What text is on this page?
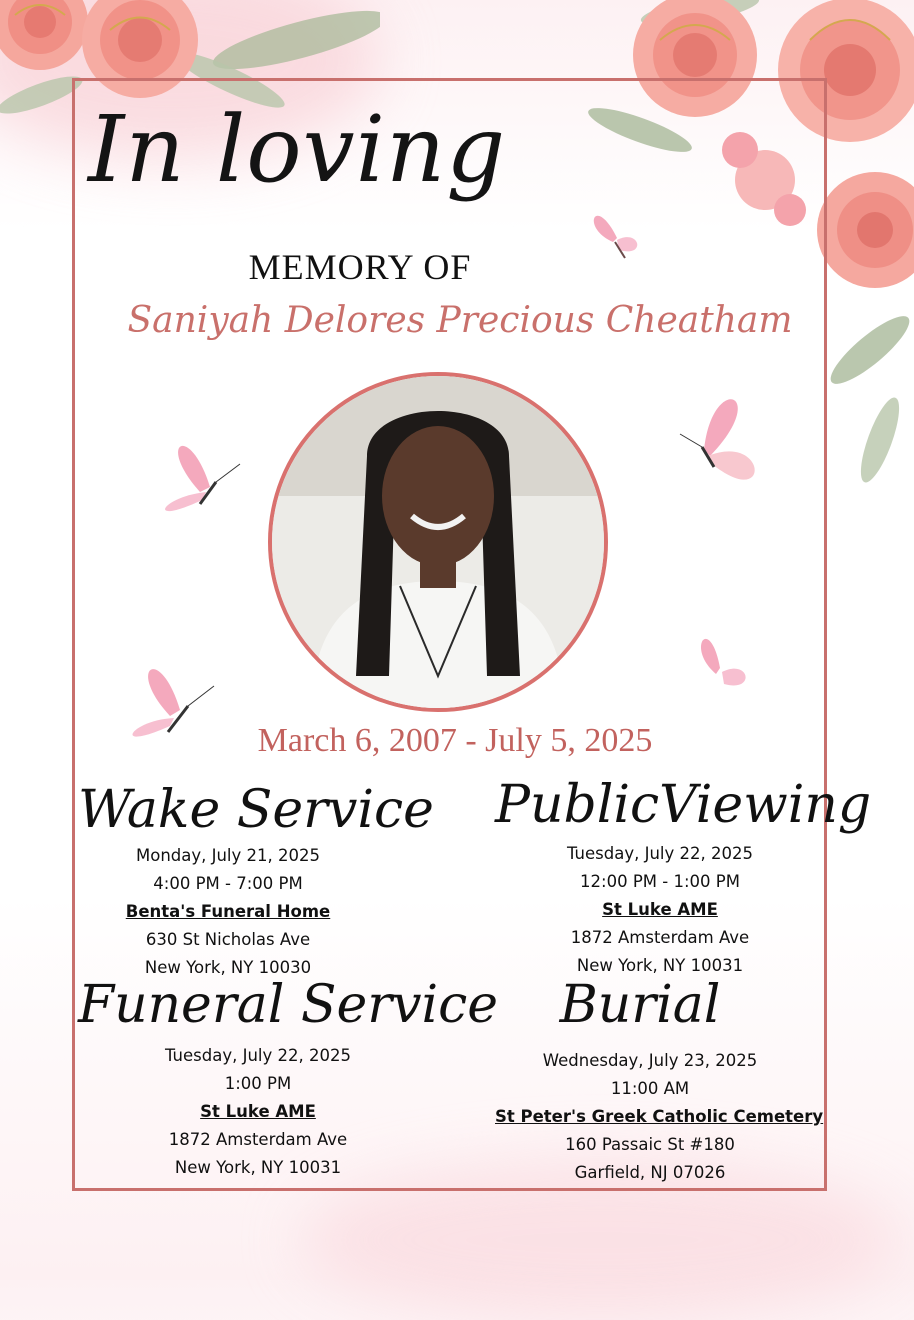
In loving
MEMORY OF
Saniyah Delores Precious Cheatham
March 6, 2007 - July 5, 2025
Wake Service
Monday, July 21, 2025
4:00 PM - 7:00 PM
Benta's Funeral Home
630 St Nicholas Ave
New York, NY 10030
PublicViewing
Tuesday, July 22, 2025
12:00 PM - 1:00 PM
St Luke AME
1872 Amsterdam Ave
New York, NY 10031
Funeral Service
Tuesday, July 22, 2025
1:00 PM
St Luke AME
1872 Amsterdam Ave
New York, NY 10031
Burial
Wednesday, July 23, 2025
11:00 AM
St Peter's Greek Catholic Cemetery
160 Passaic St #180
Garfield, NJ 07026
